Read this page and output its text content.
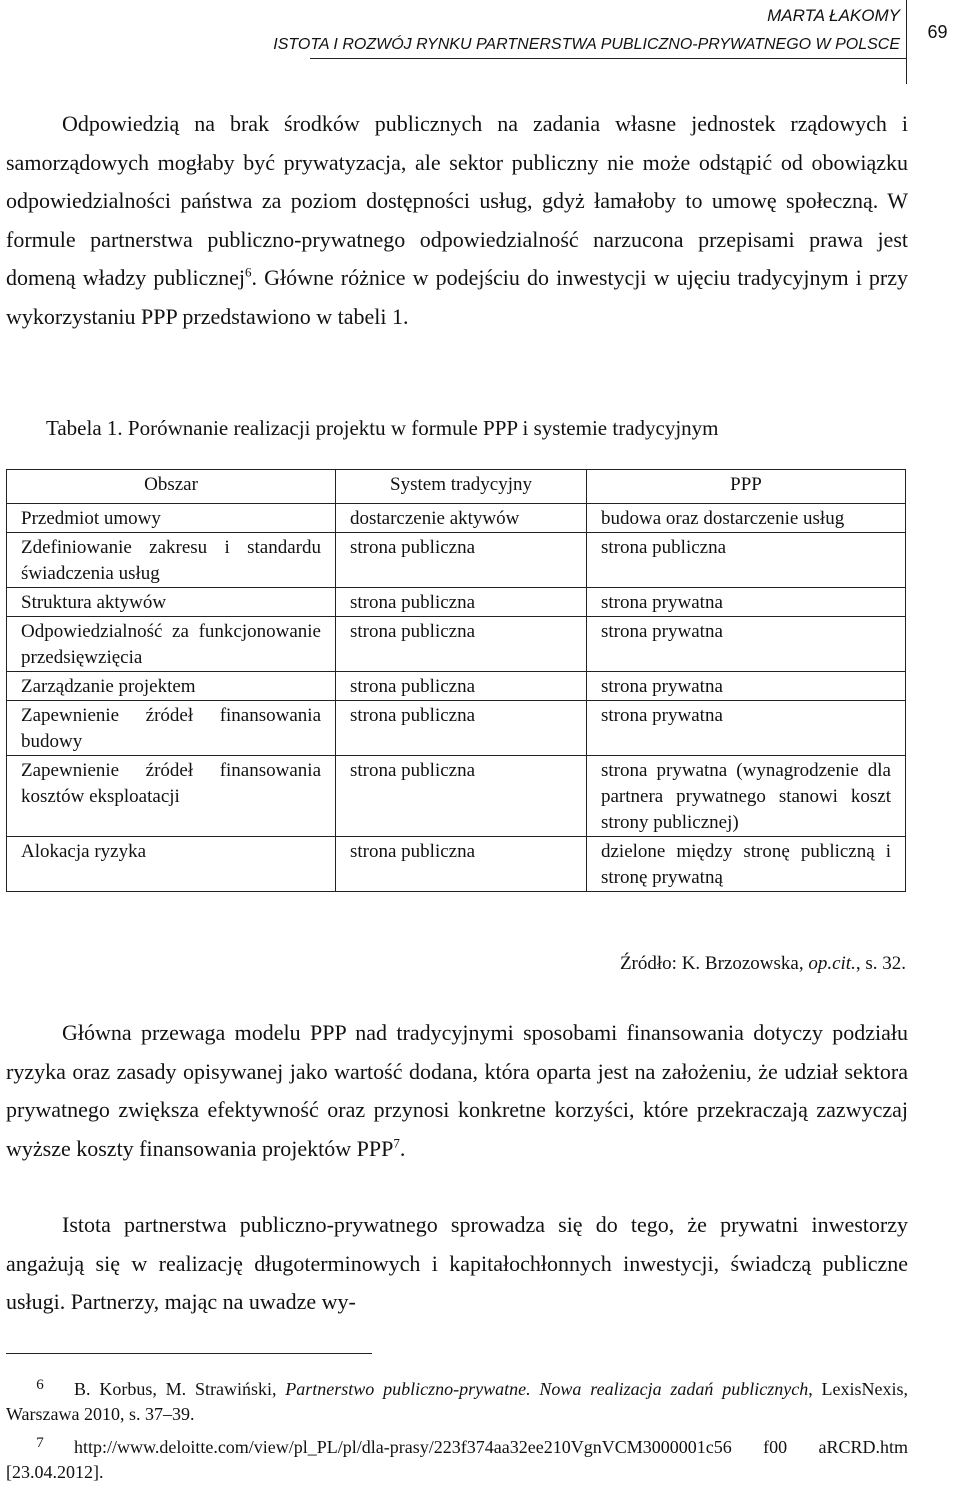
MARTA ŁAKOMY
ISTOTA I ROZWÓJ RYNKU PARTNERSTWA PUBLICZNO-PRYWATNEGO W POLSCE
69

Odpowiedzią na brak środków publicznych na zadania własne jednostek rządowych i samorządowych mogłaby być prywatyzacja, ale sektor publiczny nie może odstąpić od obowiązku odpowiedzialności państwa za poziom dostępności usług, gdyż łamałoby to umowę społeczną. W formule partnerstwa publiczno-prywatnego odpowiedzialność narzucona przepisami prawa jest domeną władzy publicznej$^6$. Główne różnice w podejściu do inwestycji w ujęciu tradycyjnym i przy wykorzystaniu PPP przedstawiono w tabeli 1.

Tabela 1. Porównanie realizacji projektu w formule PPP i systemie tradycyjnym

Obszar	System tradycyjny	PPP
Przedmiot umowy	dostarczenie aktywów	budowa oraz dostarczenie usług
Zdefiniowanie zakresu i standardu świadczenia usług	strona publiczna	strona publiczna
Struktura aktywów	strona publiczna	strona prywatna
Odpowiedzialność za funkcjonowanie przedsięwzięcia	strona publiczna	strona prywatna
Zarządzanie projektem	strona publiczna	strona prywatna
Zapewnienie źródeł finansowania budowy	strona publiczna	strona prywatna
Zapewnienie źródeł finansowania kosztów eksploatacji	strona publiczna	strona prywatna (wynagrodzenie dla partnera prywatnego stanowi koszt strony publicznej)
Alokacja ryzyka	strona publiczna	dzielone między stronę publiczną i stronę prywatną
Źródło: K. Brzozowska, op.cit., s. 32.

Główna przewaga modelu PPP nad tradycyjnymi sposobami finansowania dotyczy podziału ryzyka oraz zasady opisywanej jako wartość dodana, która oparta jest na założeniu, że udział sektora prywatnego zwiększa efektywność oraz przynosi konkretne korzyści, które przekraczają zazwyczaj wyższe koszty finansowania projektów PPP$^7$.

Istota partnerstwa publiczno-prywatnego sprowadza się do tego, że prywatni inwestorzy angażują się w realizację długoterminowych i kapitałochłonnych inwestycji, świadczą publiczne usługi. Partnerzy, mając na uwadze wy-

6 B. Korbus, M. Strawiński, Partnerstwo publiczno-prywatne. Nowa realizacja zadań publicznych, LexisNexis, Warszawa 2010, s. 37–39.

7 http://www.deloitte.com/view/pl_PL/pl/dla-prasy/223f374aa32ee210VgnVCM3000001c56 f00 aRCRD.htm [23.04.2012].
